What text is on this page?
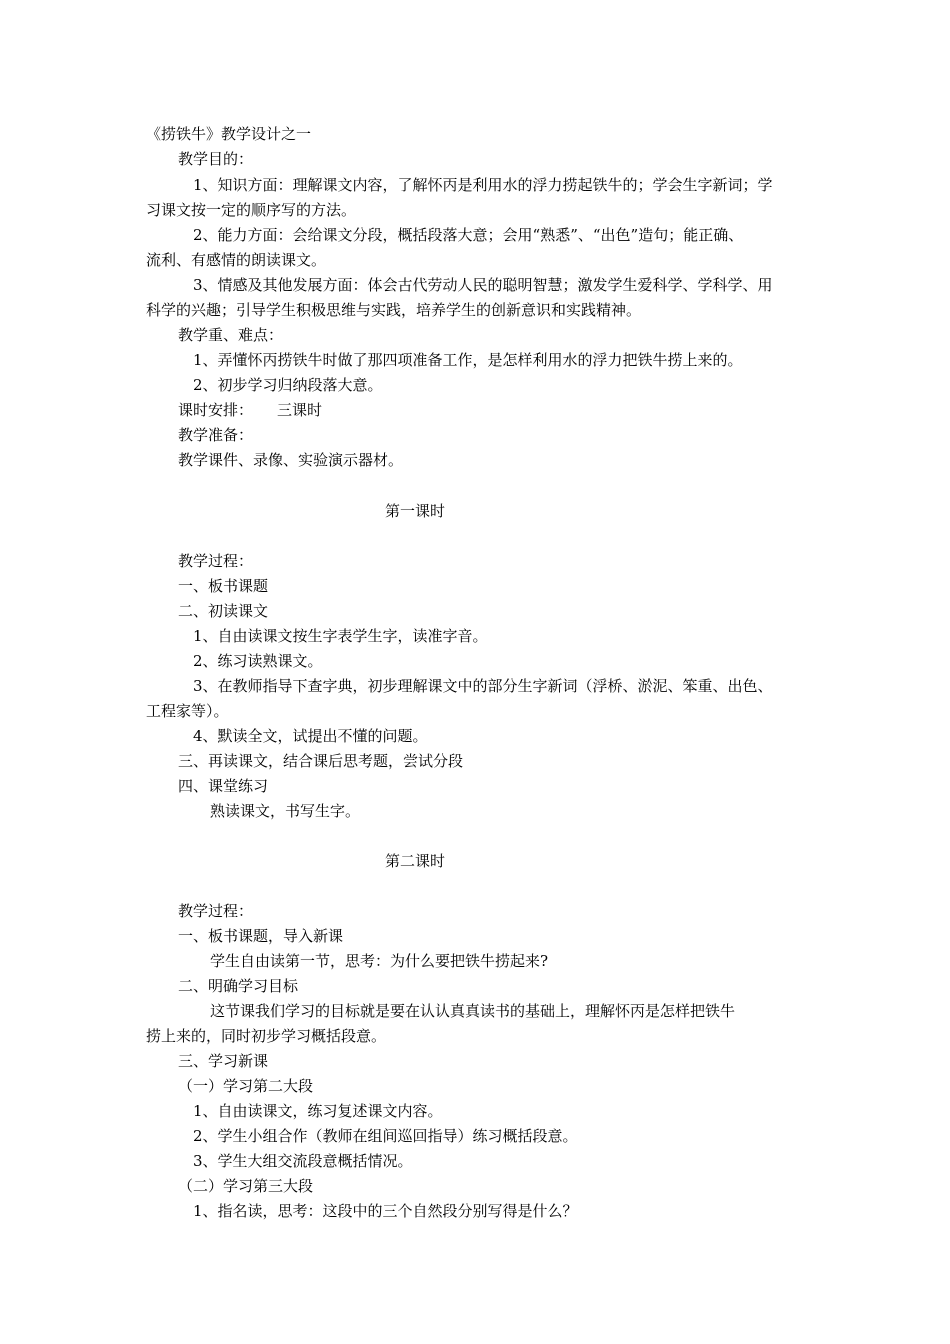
《捞铁牛》教学设计之一
教学目的：
1、知识方面：理解课文内容，了解怀丙是利用水的浮力捞起铁牛的；学会生字新词；学
习课文按一定的顺序写的方法。
2、能力方面：会给课文分段，概括段落大意；会用“熟悉”、“出色”造句；能正确、
流利、有感情的朗读课文。
3、情感及其他发展方面：体会古代劳动人民的聪明智慧；激发学生爱科学、学科学、用
科学的兴趣；引导学生积极思维与实践，培养学生的创新意识和实践精神。
教学重、难点：
1、弄懂怀丙捞铁牛时做了那四项准备工作，是怎样利用水的浮力把铁牛捞上来的。
2、初步学习归纳段落大意。
课时安排： 三课时
教学准备：
教学课件、录像、实验演示器材。
第一课时
教学过程：
一、板书课题
二、初读课文
1、自由读课文按生字表学生字，读准字音。
2、练习读熟课文。
3、在教师指导下查字典，初步理解课文中的部分生字新词（浮桥、淤泥、笨重、出色、
工程家等）。
4、默读全文，试提出不懂的问题。
三、再读课文，结合课后思考题，尝试分段
四、课堂练习
熟读课文，书写生字。
第二课时
教学过程：
一、板书课题，导入新课
学生自由读第一节，思考：为什么要把铁牛捞起来?
二、明确学习目标
这节课我们学习的目标就是要在认认真真读书的基础上，理解怀丙是怎样把铁牛
捞上来的，同时初步学习概括段意。
三、学习新课
（一）学习第二大段
1、自由读课文，练习复述课文内容。
2、学生小组合作（教师在组间巡回指导）练习概括段意。
3、学生大组交流段意概括情况。
（二）学习第三大段
1、指名读，思考：这段中的三个自然段分别写得是什么？
